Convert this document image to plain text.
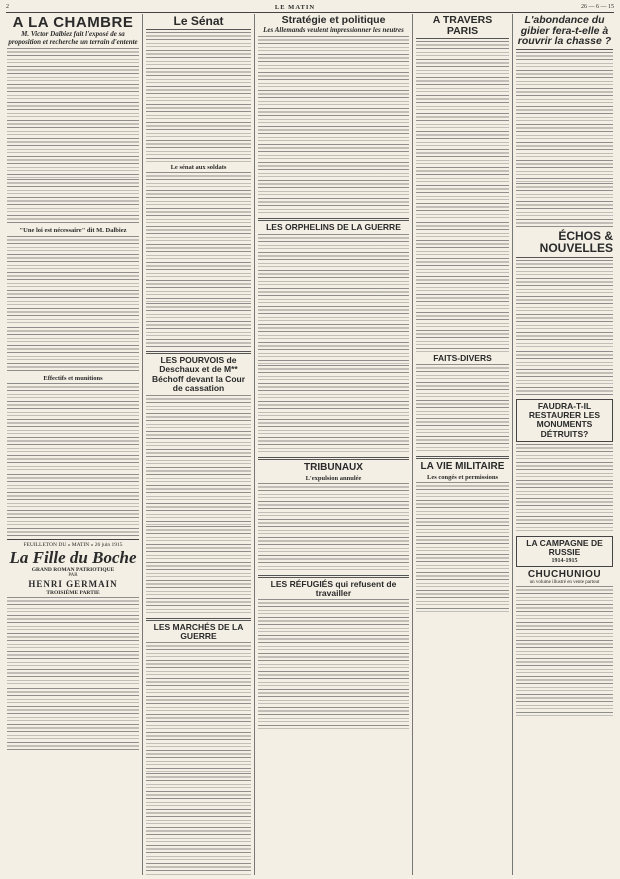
2	LE MATIN	26 — 6 — 15
A LA CHAMBRE
M. Victor Dalbiez fait l'exposé de sa proposition et recherche un terrain d'entente
"Une loi est nécessaire" dit M. Dalbiez
Effectifs et munitions
FEUILLETON DU « MATIN » 26 juin 1915
La Fille du Boche
GRAND ROMAN PATRIOTIQUE
PAR
HENRI GERMAIN
TROISIÈME PARTIE
Le Sénat
Le sénat aux soldats
LES POURVOIS de Deschaux et de M** Béchoff devant la Cour de cassation
LES MARCHÉS DE LA GUERRE
Stratégie et politique
Les Allemands veulent impressionner les neutres
LES ORPHELINS DE LA GUERRE
TRIBUNAUX
L'expulsion annulée
LES RÉFUGIÉS qui refusent de travailler
A TRAVERS PARIS
FAITS-DIVERS
LA VIE MILITAIRE
Les congés et permissions
L'abondance du gibier fera-t-elle à rouvrir la chasse ?
ÉCHOS & NOUVELLES
FAUDRA-T-IL RESTAURER LES MONUMENTS DÉTRUITS?
LA CAMPAGNE DE RUSSIE
1914-1915
CHUCHUNIOU
un volume illustré en vente partout
